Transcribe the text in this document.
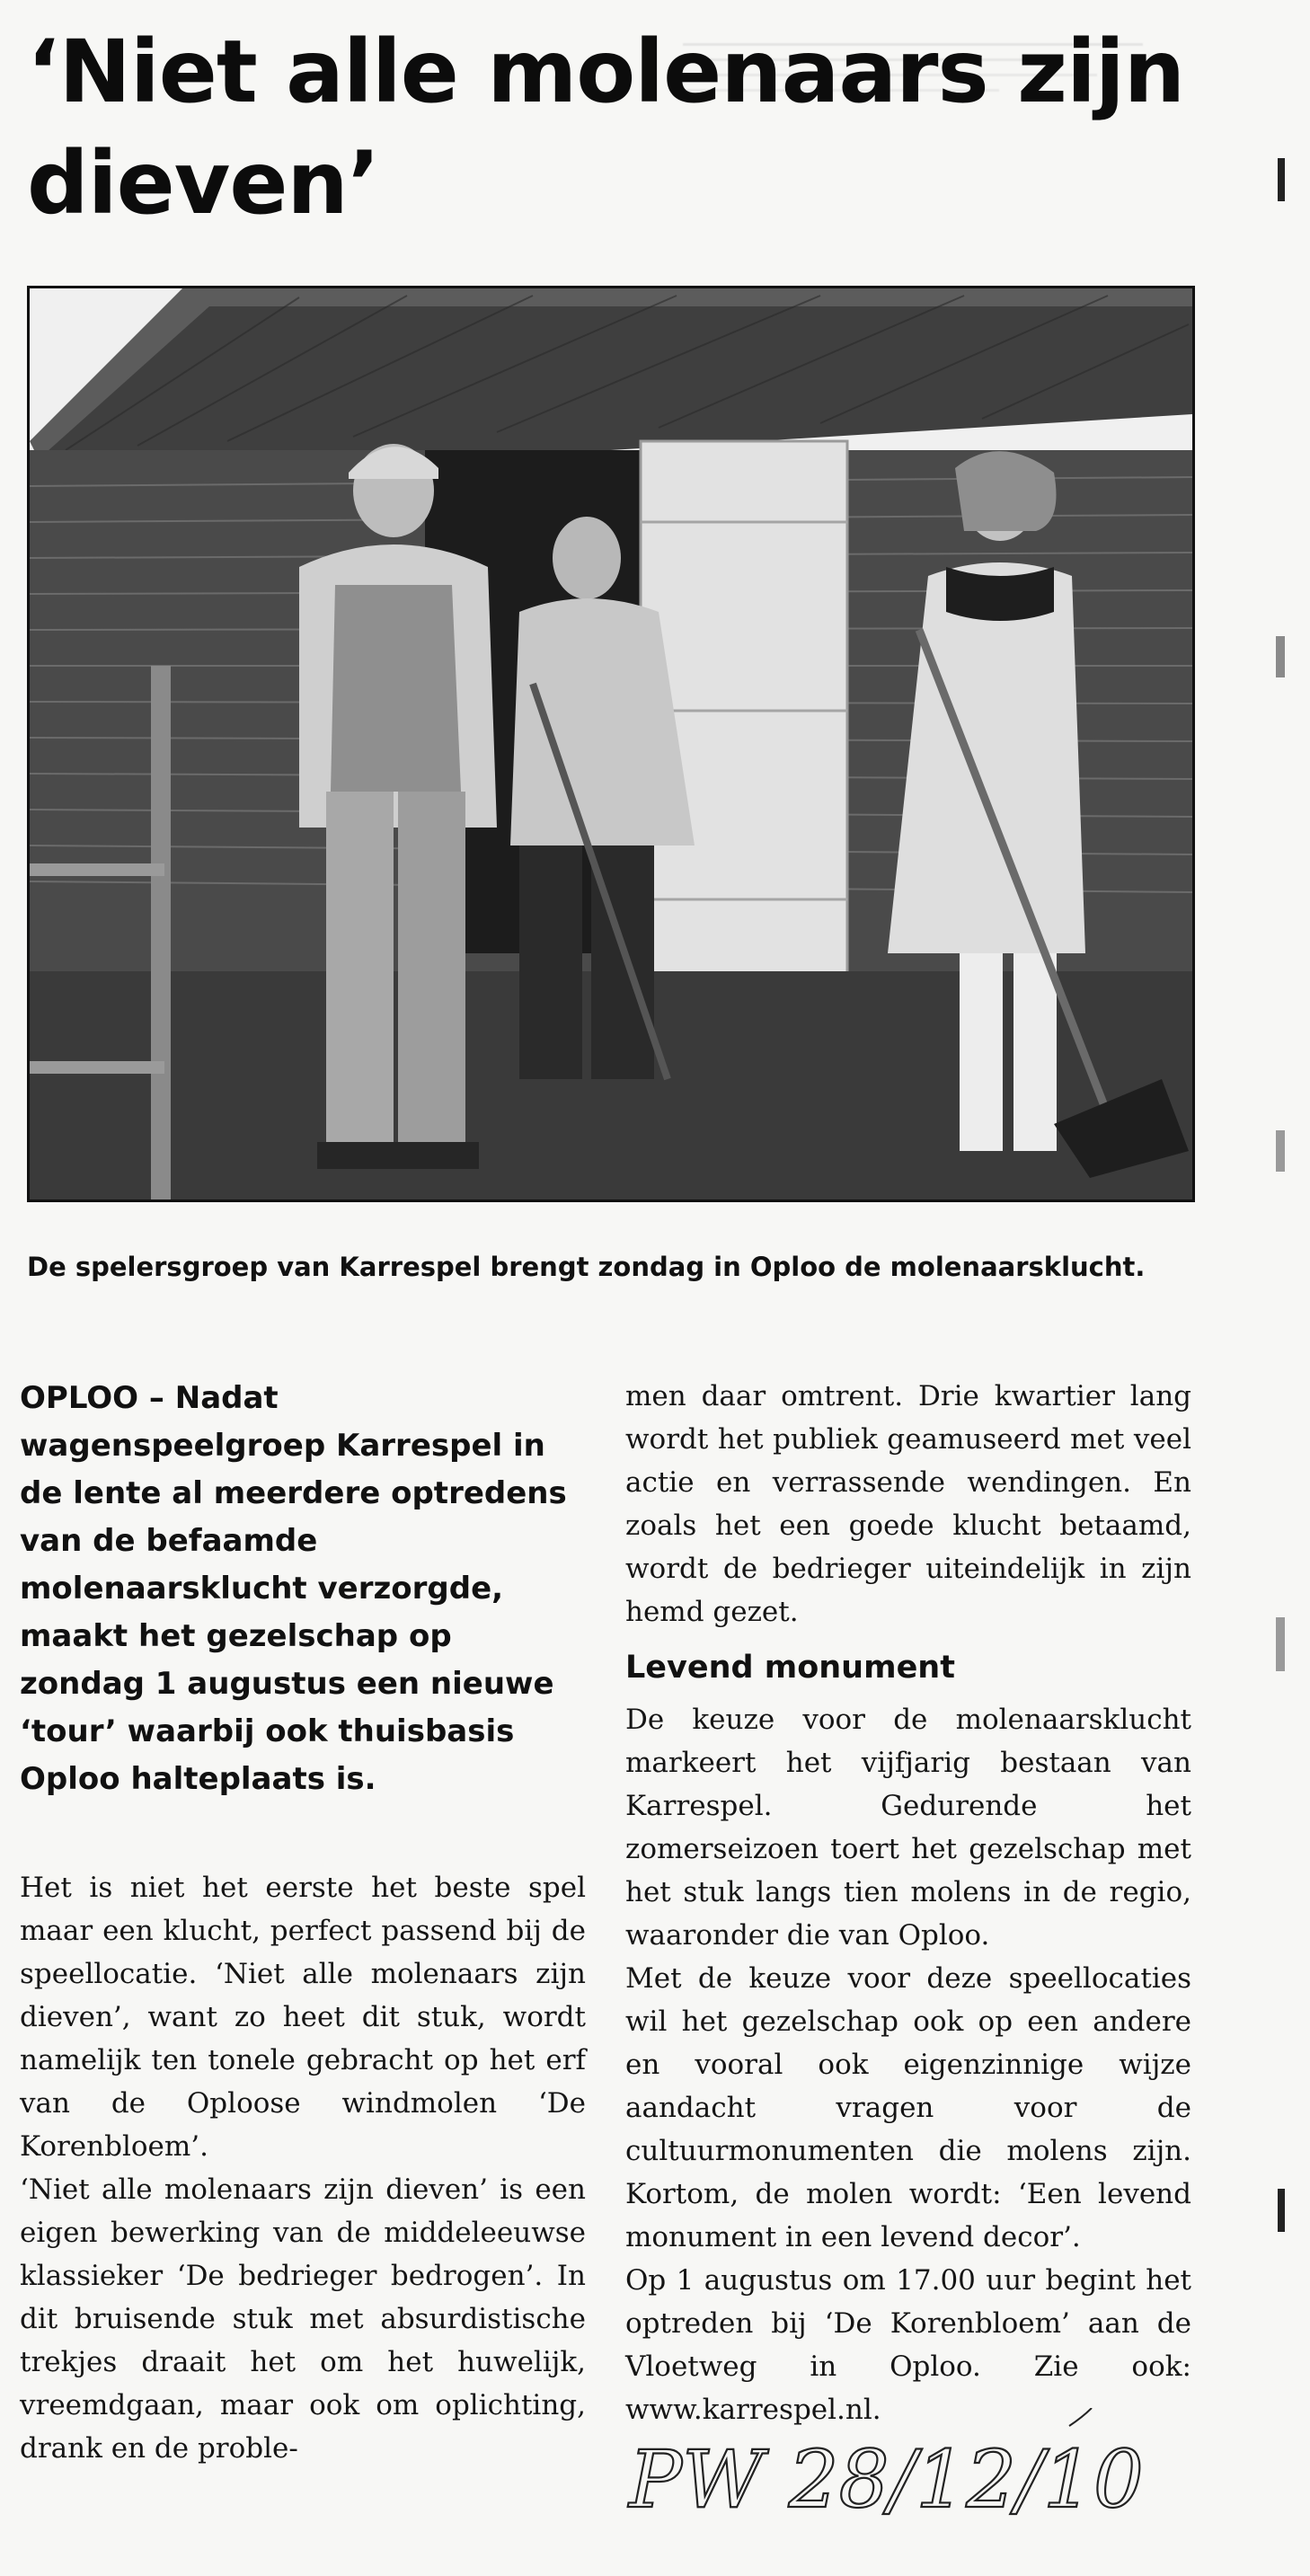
‘Niet alle molenaars zijn dieven’
De spelersgroep van Karrespel brengt zondag in Oploo de molenaarsklucht.

OPLOO – Nadat wagenspeelgroep Karrespel in de lente al meerdere optredens van de befaamde molenaarsklucht verzorgde, maakt het gezelschap op zondag 1 augustus een nieuwe ‘tour’ waarbij ook thuisbasis Oploo halteplaats is.

Het is niet het eerste het beste spel maar een klucht, perfect passend bij de speellocatie. ‘Niet alle molenaars zijn dieven’, want zo heet dit stuk, wordt namelijk ten tonele gebracht op het erf van de Oploose windmolen ‘De Korenbloem’.

‘Niet alle molenaars zijn dieven’ is een eigen bewerking van de middeleeuwse klassieker ‘De bedrieger bedrogen’. In dit bruisende stuk met absurdistische trekjes draait het om het huwelijk, vreemdgaan, maar ook om oplichting, drank en de proble-

men daar omtrent. Drie kwartier lang wordt het publiek geamuseerd met veel actie en verrassende wendingen. En zoals het een goede klucht betaamd, wordt de bedrieger uiteindelijk in zijn hemd gezet.

Levend monument

De keuze voor de molenaarsklucht markeert het vijfjarig bestaan van Karrespel. Gedurende het zomerseizoen toert het gezelschap met het stuk langs tien molens in de regio, waaronder die van Oploo.

Met de keuze voor deze speellocaties wil het gezelschap ook op een andere en vooral ook eigenzinnige wijze aandacht vragen voor de cultuurmonumenten die molens zijn. Kortom, de molen wordt: ‘Een levend monument in een levend decor’.

Op 1 augustus om 17.00 uur begint het optreden bij ‘De Korenbloem’ aan de Vloetweg in Oploo. Zie ook: www.karrespel.nl.

PW 28/12/10
